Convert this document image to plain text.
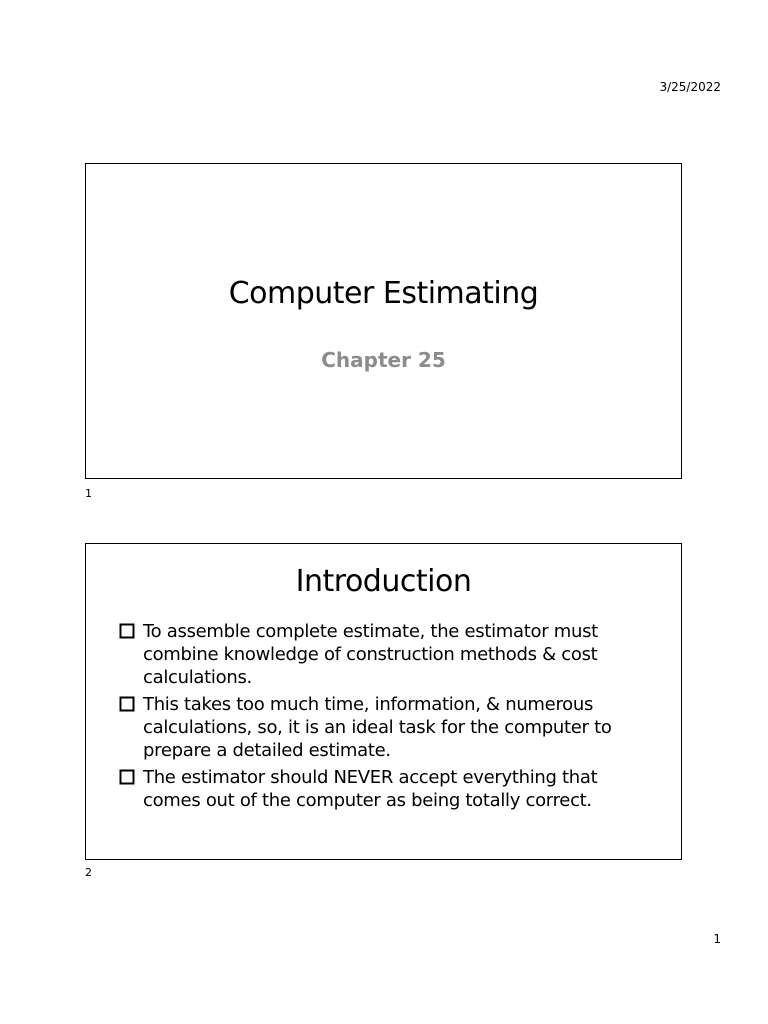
3/25/2022
Computer Estimating
Chapter 25
1
Introduction
To assemble complete estimate, the estimator must combine knowledge of construction methods & cost calculations.
This takes too much time, information, & numerous calculations, so, it is an ideal task for the computer to prepare a detailed estimate.
The estimator should NEVER accept everything that comes out of the computer as being totally correct.
2
1
